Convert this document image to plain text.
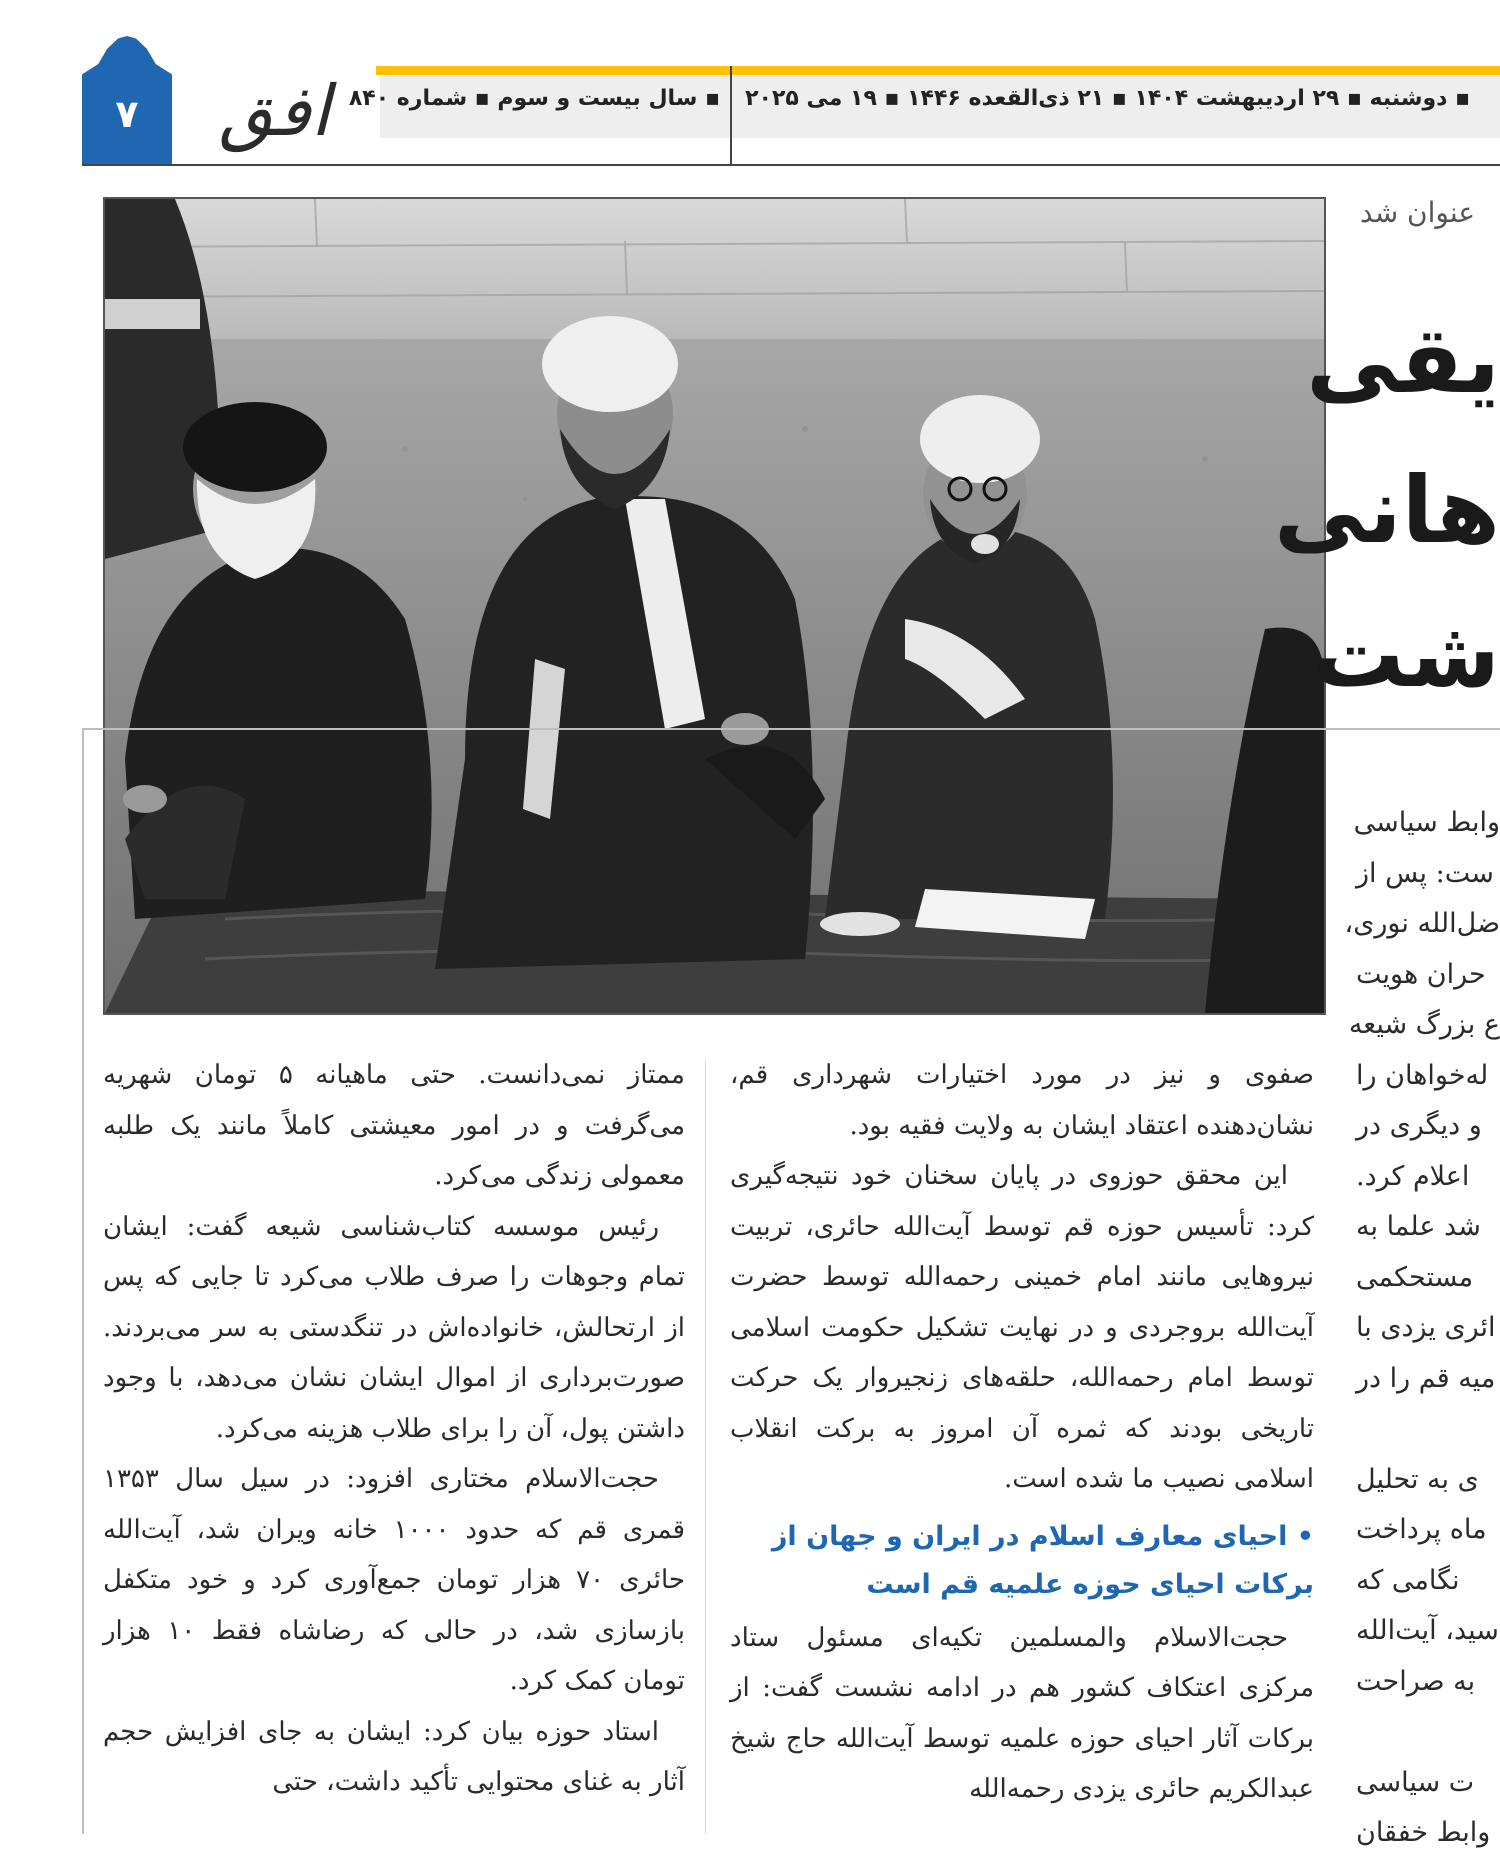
۷	افق ▪ سال بیست و سوم ▪ شماره ۸۴۰ ▪ دوشنبه ▪ ۲۹ اردیبهشت ۱۴۰۴ ▪ ۲۱ ذی‌القعده ۱۴۴۶ ▪ ۱۹ می ۲۰۲۵
عنوان شد
یقی
هانی
شت
وابط سیاسی
ست: پس از
ضل‌الله نوری،
حران هویت
ع بزرگ شیعه
له‌خواهان را
و دیگری در
اعلام کرد.
شد علما به
مستحکمی
ائری یزدی با
میه قم را در

ی به تحلیل
ماه پرداخت
نگامی که
سید، آیت‌الله
به صراحت

ت سیاسی
وابط خفقان

صفوی و نیز در مورد اختیارات شهرداری قم، نشان‌دهنده اعتقاد ایشان به ولایت فقیه بود.

این محقق حوزوی در پایان سخنان خود نتیجه‌گیری کرد: تأسیس حوزه قم توسط آیت‌الله حائری، تربیت نیروهایی مانند امام خمینی رحمه‌الله توسط حضرت آیت‌الله بروجردی و در نهایت تشکیل حکومت اسلامی توسط امام رحمه‌الله، حلقه‌های زنجیروار یک حرکت تاریخی بودند که ثمره آن امروز به برکت انقلاب اسلامی نصیب ما شده است.

• احیای معارف اسلام در ایران و جهان از برکات احیای حوزه علمیه قم است

حجت‌الاسلام والمسلمین تکیه‌ای مسئول ستاد مرکزی اعتکاف کشور هم در ادامه نشست گفت: از برکات آثار احیای حوزه علمیه توسط آیت‌الله حاج شیخ عبدالکریم حائری یزدی رحمه‌الله

ممتاز نمی‌دانست. حتی ماهیانه ۵ تومان شهریه می‌گرفت و در امور معیشتی کاملاً مانند یک طلبه معمولی زندگی می‌کرد.

رئیس موسسه کتاب‌شناسی شیعه گفت: ایشان تمام وجوهات را صرف طلاب می‌کرد تا جایی که پس از ارتحالش، خانواده‌اش در تنگدستی به سر می‌بردند. صورت‌برداری از اموال ایشان نشان می‌دهد، با وجود داشتن پول، آن را برای طلاب هزینه می‌کرد.

حجت‌الاسلام مختاری افزود: در سیل سال ۱۳۵۳ قمری قم که حدود ۱۰۰۰ خانه ویران شد، آیت‌الله حائری ۷۰ هزار تومان جمع‌آوری کرد و خود متکفل بازسازی شد، در حالی که رضاشاه فقط ۱۰ هزار تومان کمک کرد.

استاد حوزه بیان کرد: ایشان به جای افزایش حجم آثار به غنای محتوایی تأکید داشت، حتی
